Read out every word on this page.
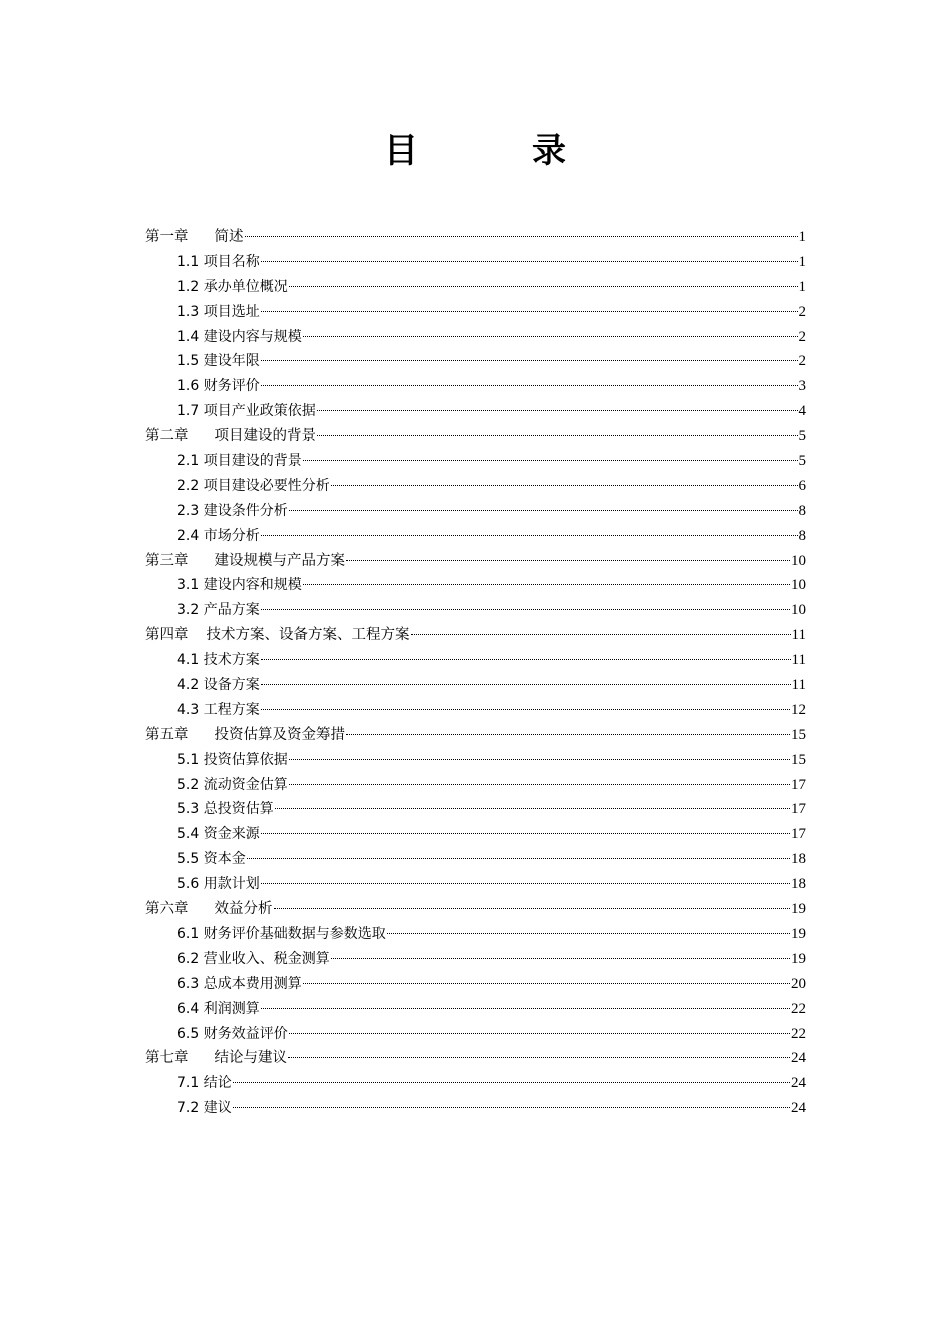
目　录
第一章 简述	1
1.1 项目名称	1
1.2 承办单位概况	1
1.3 项目选址	2
1.4 建设内容与规模	2
1.5 建设年限	2
1.6 财务评价	3
1.7 项目产业政策依据	4
第二章 项目建设的背景	5
2.1 项目建设的背景	5
2.2 项目建设必要性分析	6
2.3 建设条件分析	8
2.4 市场分析	8
第三章 建设规模与产品方案	10
3.1 建设内容和规模	10
3.2 产品方案	10
第四章 技术方案、设备方案、工程方案	11
4.1 技术方案	11
4.2 设备方案	11
4.3 工程方案	12
第五章 投资估算及资金筹措	15
5.1 投资估算依据	15
5.2 流动资金估算	17
5.3 总投资估算	17
5.4 资金来源	17
5.5 资本金	18
5.6 用款计划	18
第六章 效益分析	19
6.1 财务评价基础数据与参数选取	19
6.2 营业收入、税金测算	19
6.3 总成本费用测算	20
6.4 利润测算	22
6.5 财务效益评价	22
第七章 结论与建议	24
7.1 结论	24
7.2 建议	24
